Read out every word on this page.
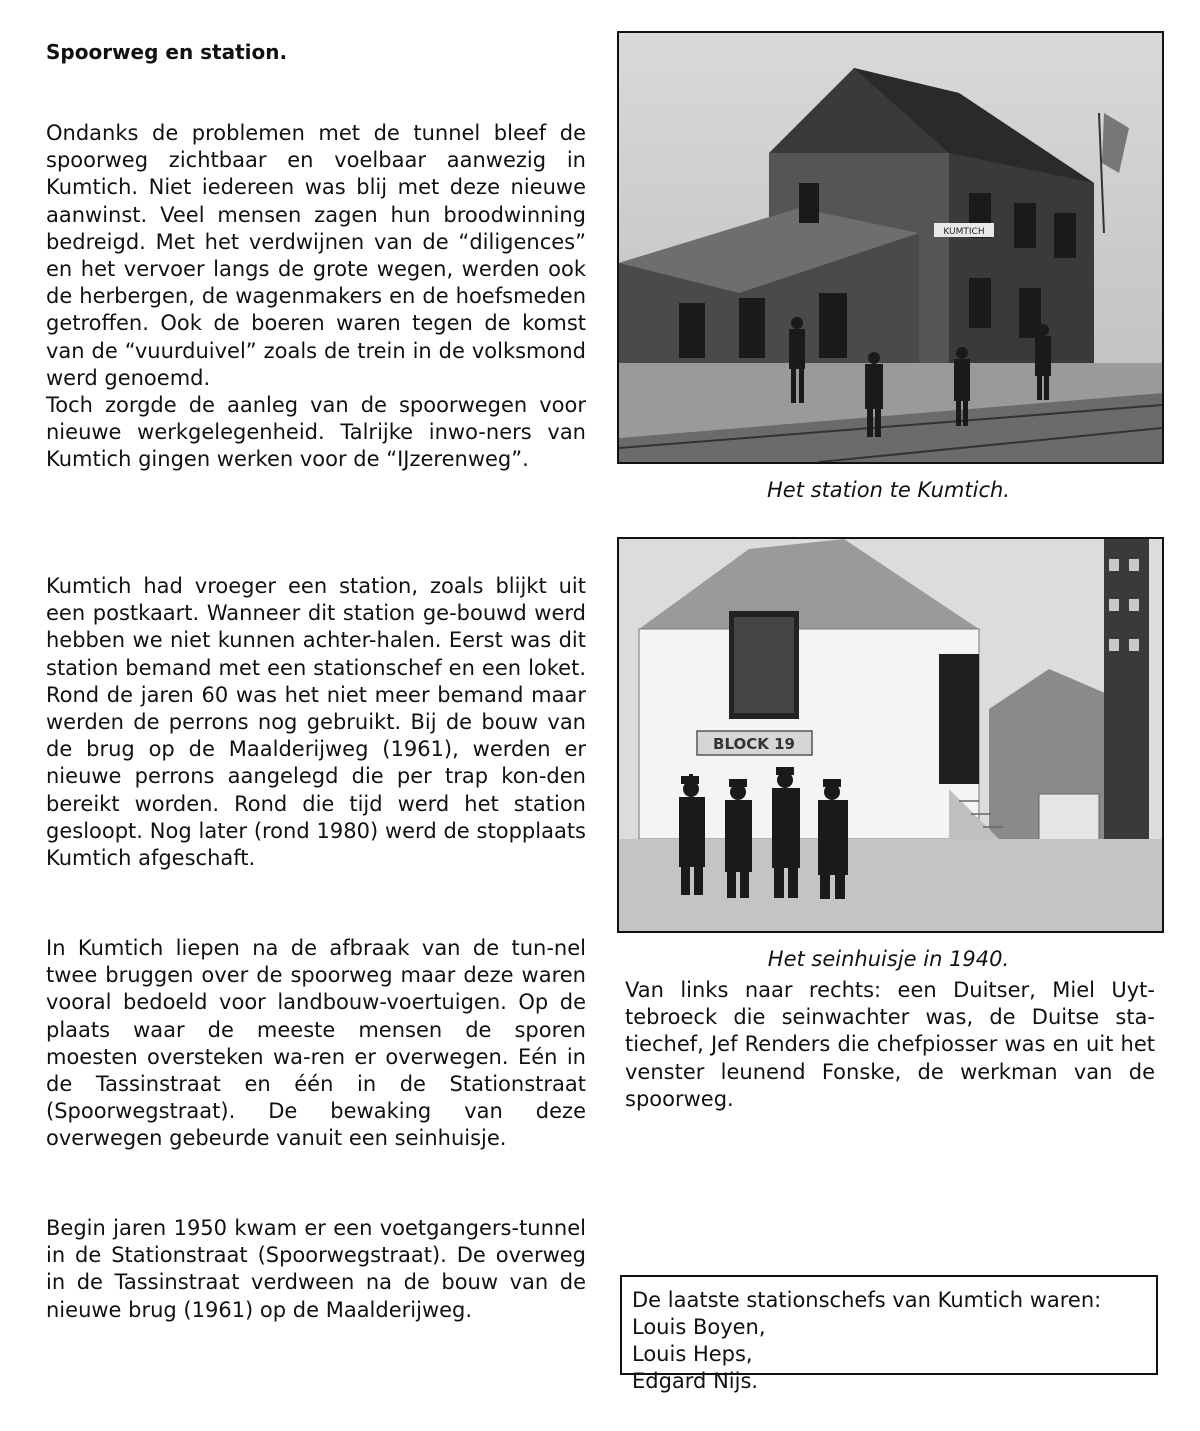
Spoorweg en station.

Ondanks de problemen met de tunnel bleef de spoorweg zichtbaar en voelbaar aanwezig in Kumtich. Niet iedereen was blij met deze nieuwe aanwinst. Veel mensen zagen hun broodwinning bedreigd. Met het verdwijnen van de “diligences” en het vervoer langs de grote wegen, werden ook de herbergen, de wagenmakers en de hoefsmeden getroffen. Ook de boeren waren tegen de komst van de “vuurduivel” zoals de trein in de volksmond werd genoemd.
Toch zorgde de aanleg van de spoorwegen voor nieuwe werkgelegenheid. Talrijke inwo-ners van Kumtich gingen werken voor de “IJzerenweg”.

Kumtich had vroeger een station, zoals blijkt uit een postkaart. Wanneer dit station ge-bouwd werd hebben we niet kunnen achter-halen. Eerst was dit station bemand met een stationschef en een loket. Rond de jaren 60 was het niet meer bemand maar werden de perrons nog gebruikt. Bij de bouw van de brug op de Maalderijweg (1961), werden er nieuwe perrons aangelegd die per trap kon-den bereikt worden. Rond die tijd werd het station gesloopt. Nog later (rond 1980) werd de stopplaats Kumtich afgeschaft.

In Kumtich liepen na de afbraak van de tun-nel twee bruggen over de spoorweg maar deze waren vooral bedoeld voor landbouw-voertuigen. Op de plaats waar de meeste mensen de sporen moesten oversteken wa-ren er overwegen. Eén in de Tassinstraat en één in de Stationstraat (Spoorwegstraat). De bewaking van deze overwegen gebeurde vanuit een seinhuisje.

Begin jaren 1950 kwam er een voetgangers-tunnel in de Stationstraat (Spoorwegstraat). De overweg in de Tassinstraat verdween na de bouw van de nieuwe brug (1961) op de Maalderijweg.

KUMTICH

Het station te Kumtich.

BLOCK 19

Het seinhuisje in 1940.

Van links naar rechts: een Duitser, Miel Uyt-tebroeck die seinwachter was, de Duitse sta-tiechef, Jef Renders die chefpiosser was en uit het venster leunend Fonske, de werkman van de spoorweg.

De laatste stationschefs van Kumtich waren:

Louis Boyen,
Louis Heps,
Edgard Nijs.
